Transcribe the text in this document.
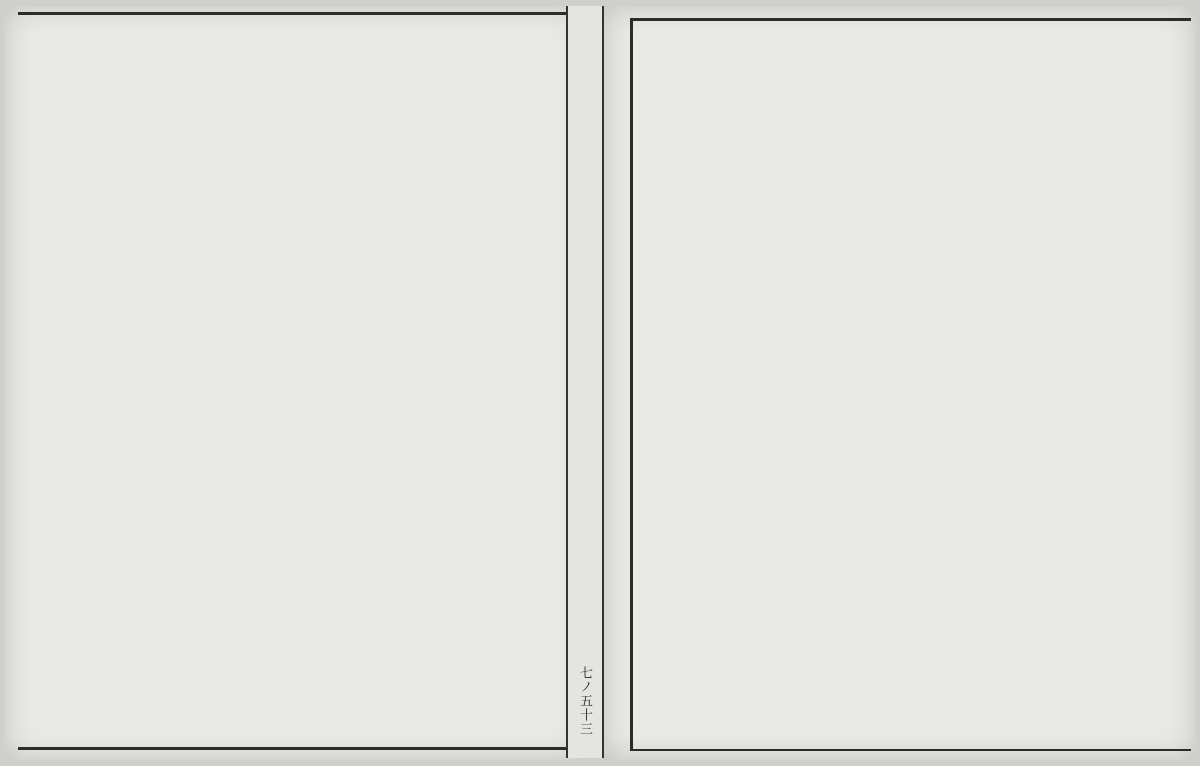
七ノ五十三
